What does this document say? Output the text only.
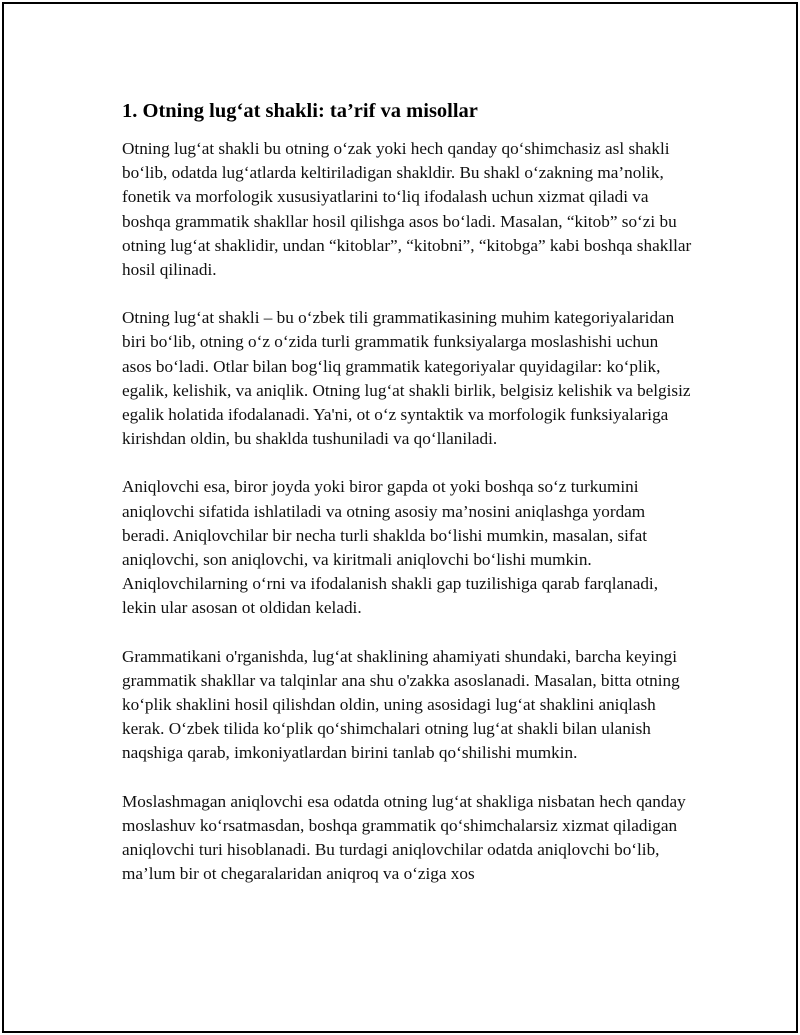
1. Otning lug‘at shakli: ta’rif va misollar

Otning lug‘at shakli bu otning o‘zak yoki hech qanday qo‘shimchasiz asl shakli bo‘lib, odatda lug‘atlarda keltiriladigan shakldir. Bu shakl o‘zakning ma’nolik, fonetik va morfologik xususiyatlarini to‘liq ifodalash uchun xizmat qiladi va boshqa grammatik shakllar hosil qilishga asos bo‘ladi. Masalan, “kitob” so‘zi bu otning lug‘at shaklidir, undan “kitoblar”, “kitobni”, “kitobga” kabi boshqa shakllar hosil qilinadi.

Otning lug‘at shakli – bu o‘zbek tili grammatikasining muhim kategoriyalaridan biri bo‘lib, otning o‘z o‘zida turli grammatik funksiyalarga moslashishi uchun asos bo‘ladi. Otlar bilan bog‘liq grammatik kategoriyalar quyidagilar: ko‘plik, egalik, kelishik, va aniqlik. Otning lug‘at shakli birlik, belgisiz kelishik va belgisiz egalik holatida ifodalanadi. Ya'ni, ot o‘z syntaktik va morfologik funksiyalariga kirishdan oldin, bu shaklda tushuniladi va qo‘llaniladi.

Aniqlovchi esa, biror joyda yoki biror gapda ot yoki boshqa so‘z turkumini aniqlovchi sifatida ishlatiladi va otning asosiy ma’nosini aniqlashga yordam beradi. Aniqlovchilar bir necha turli shaklda bo‘lishi mumkin, masalan, sifat aniqlovchi, son aniqlovchi, va kiritmali aniqlovchi bo‘lishi mumkin. Aniqlovchilarning o‘rni va ifodalanish shakli gap tuzilishiga qarab farqlanadi, lekin ular asosan ot oldidan keladi.

Grammatikani o'rganishda, lug‘at shaklining ahamiyati shundaki, barcha keyingi grammatik shakllar va talqinlar ana shu o'zakka asoslanadi. Masalan, bitta otning ko‘plik shaklini hosil qilishdan oldin, uning asosidagi lug‘at shaklini aniqlash kerak. O‘zbek tilida ko‘plik qo‘shimchalari otning lug‘at shakli bilan ulanish naqshiga qarab, imkoniyatlardan birini tanlab qo‘shilishi mumkin.

Moslashmagan aniqlovchi esa odatda otning lug‘at shakliga nisbatan hech qanday moslashuv ko‘rsatmasdan, boshqa grammatik qo‘shimchalarsiz xizmat qiladigan aniqlovchi turi hisoblanadi. Bu turdagi aniqlovchilar odatda aniqlovchi bo‘lib, ma’lum bir ot chegaralaridan aniqroq va o‘ziga xos
